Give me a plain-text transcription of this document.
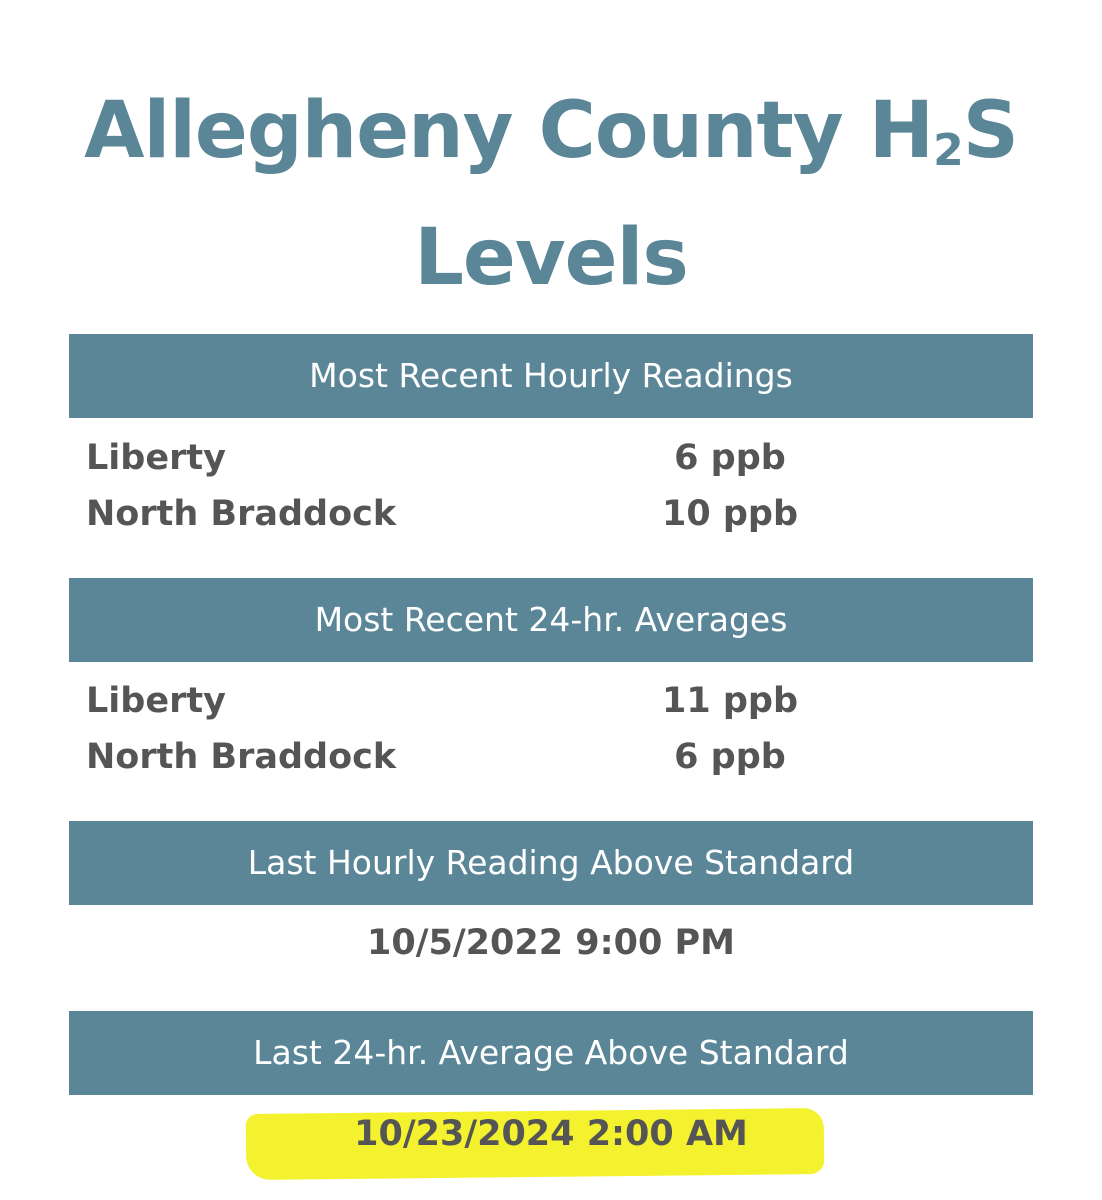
Allegheny County $H_2S$
Levels
Most Recent Hourly Readings
Liberty	6 ppb
North Braddock	10 ppb
Most Recent 24-hr. Averages
Liberty	11 ppb
North Braddock	6 ppb
Last Hourly Reading Above Standard
10/5/2022 9:00 PM
Last 24-hr. Average Above Standard
10/23/2024 2:00 AM
